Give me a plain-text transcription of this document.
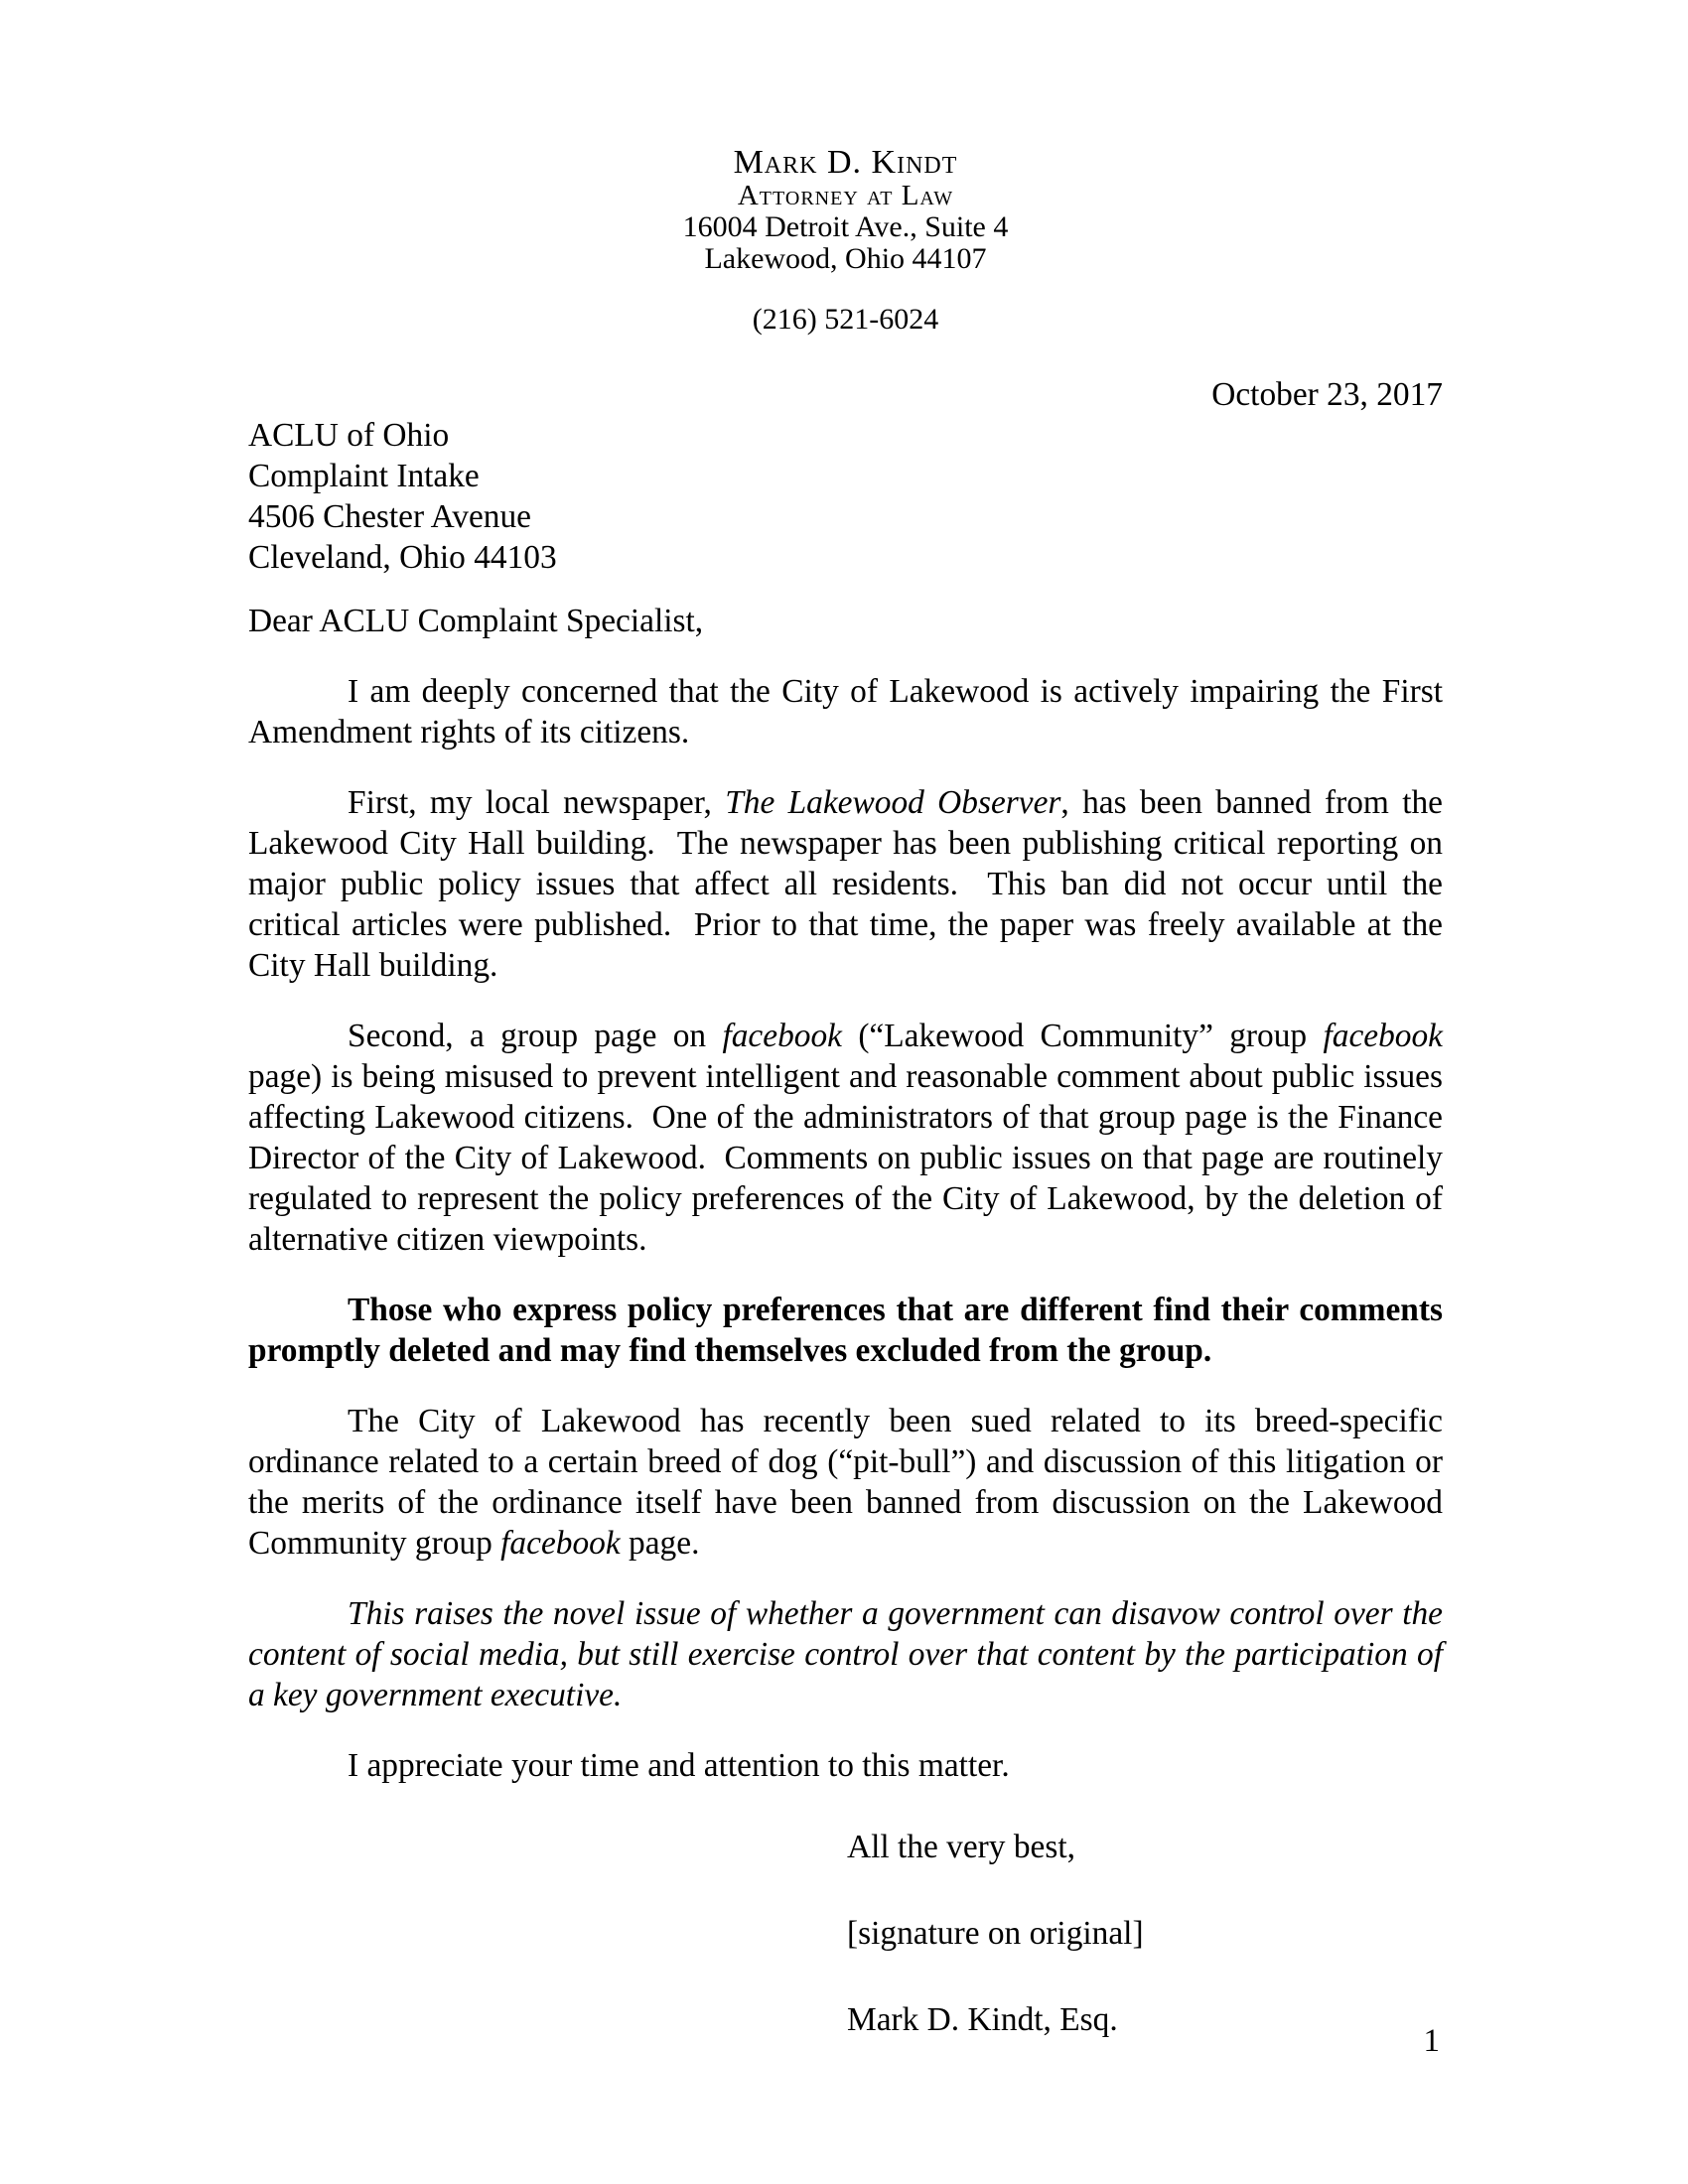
Mark D. Kindt
Attorney at Law
16004 Detroit Ave., Suite 4
Lakewood, Ohio 44107
(216) 521-6024
October 23, 2017
ACLU of Ohio
Complaint Intake
4506 Chester Avenue
Cleveland, Ohio 44103
Dear ACLU Complaint Specialist,

I am deeply concerned that the City of Lakewood is actively impairing the First Amendment rights of its citizens.

First, my local newspaper, The Lakewood Observer, has been banned from the Lakewood City Hall building.  The newspaper has been publishing critical reporting on major public policy issues that affect all residents.  This ban did not occur until the critical articles were published.  Prior to that time, the paper was freely available at the City Hall building.

Second, a group page on facebook (“Lakewood Community” group facebook page) is being misused to prevent intelligent and reasonable comment about public issues affecting Lakewood citizens.  One of the administrators of that group page is the Finance Director of the City of Lakewood.  Comments on public issues on that page are routinely regulated to represent the policy preferences of the City of Lakewood, by the deletion of alternative citizen viewpoints.

Those who express policy preferences that are different find their comments promptly deleted and may find themselves excluded from the group.

The City of Lakewood has recently been sued related to its breed-specific ordinance related to a certain breed of dog (“pit-bull”) and discussion of this litigation or the merits of the ordinance itself have been banned from discussion on the Lakewood Community group facebook page.

This raises the novel issue of whether a government can disavow control over the content of social media, but still exercise control over that content by the participation of a key government executive.

I appreciate your time and attention to this matter.

All the very best,
[signature on original]
Mark D. Kindt, Esq.
1
